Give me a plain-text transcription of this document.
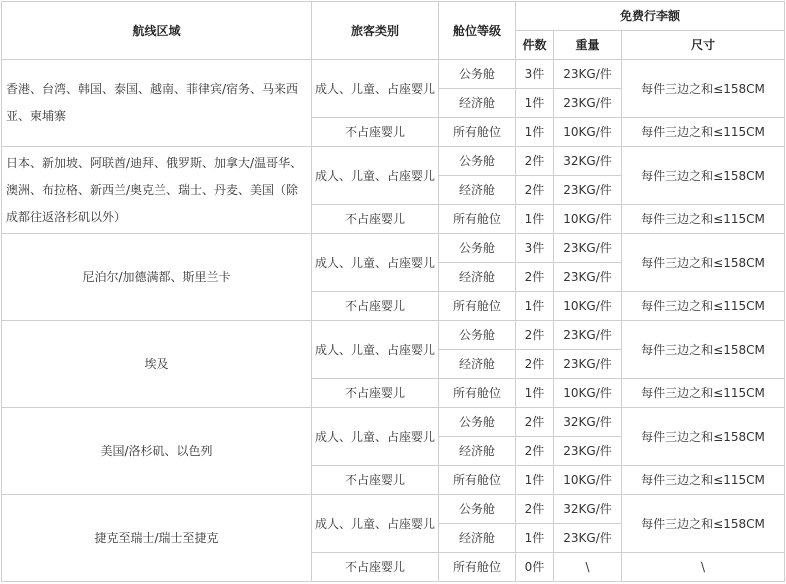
航线区域	旅客类别	舱位等级	免费行李额		
			件数	重量	尺寸
香港、台湾、韩国、泰国、越南、菲律宾/宿务、马来西亚、柬埔寨	成人、儿童、占座婴儿	公务舱	3件	23KG/件	每件三边之和≤158CM
		经济舱	1件	23KG/件	
	不占座婴儿	所有舱位	1件	10KG/件	每件三边之和≤115CM
日本、新加坡、阿联酋/迪拜、俄罗斯、加拿大/温哥华、澳洲、布拉格、新西兰/奥克兰、瑞士、丹麦、美国（除成都往返洛杉矶以外）	成人、儿童、占座婴儿	公务舱	2件	32KG/件	每件三边之和≤158CM
		经济舱	2件	23KG/件	
	不占座婴儿	所有舱位	1件	10KG/件	每件三边之和≤115CM
尼泊尔/加德满都、斯里兰卡	成人、儿童、占座婴儿	公务舱	3件	23KG/件	每件三边之和≤158CM
		经济舱	2件	23KG/件	
	不占座婴儿	所有舱位	1件	10KG/件	每件三边之和≤115CM
埃及	成人、儿童、占座婴儿	公务舱	2件	23KG/件	每件三边之和≤158CM
		经济舱	2件	23KG/件	
	不占座婴儿	所有舱位	1件	10KG/件	每件三边之和≤115CM
美国/洛杉矶、以色列	成人、儿童、占座婴儿	公务舱	2件	32KG/件	每件三边之和≤158CM
		经济舱	2件	23KG/件	
	不占座婴儿	所有舱位	1件	10KG/件	每件三边之和≤115CM
捷克至瑞士/瑞士至捷克	成人、儿童、占座婴儿	公务舱	2件	32KG/件	每件三边之和≤158CM
		经济舱	1件	23KG/件	
	不占座婴儿	所有舱位	0件	\	\
